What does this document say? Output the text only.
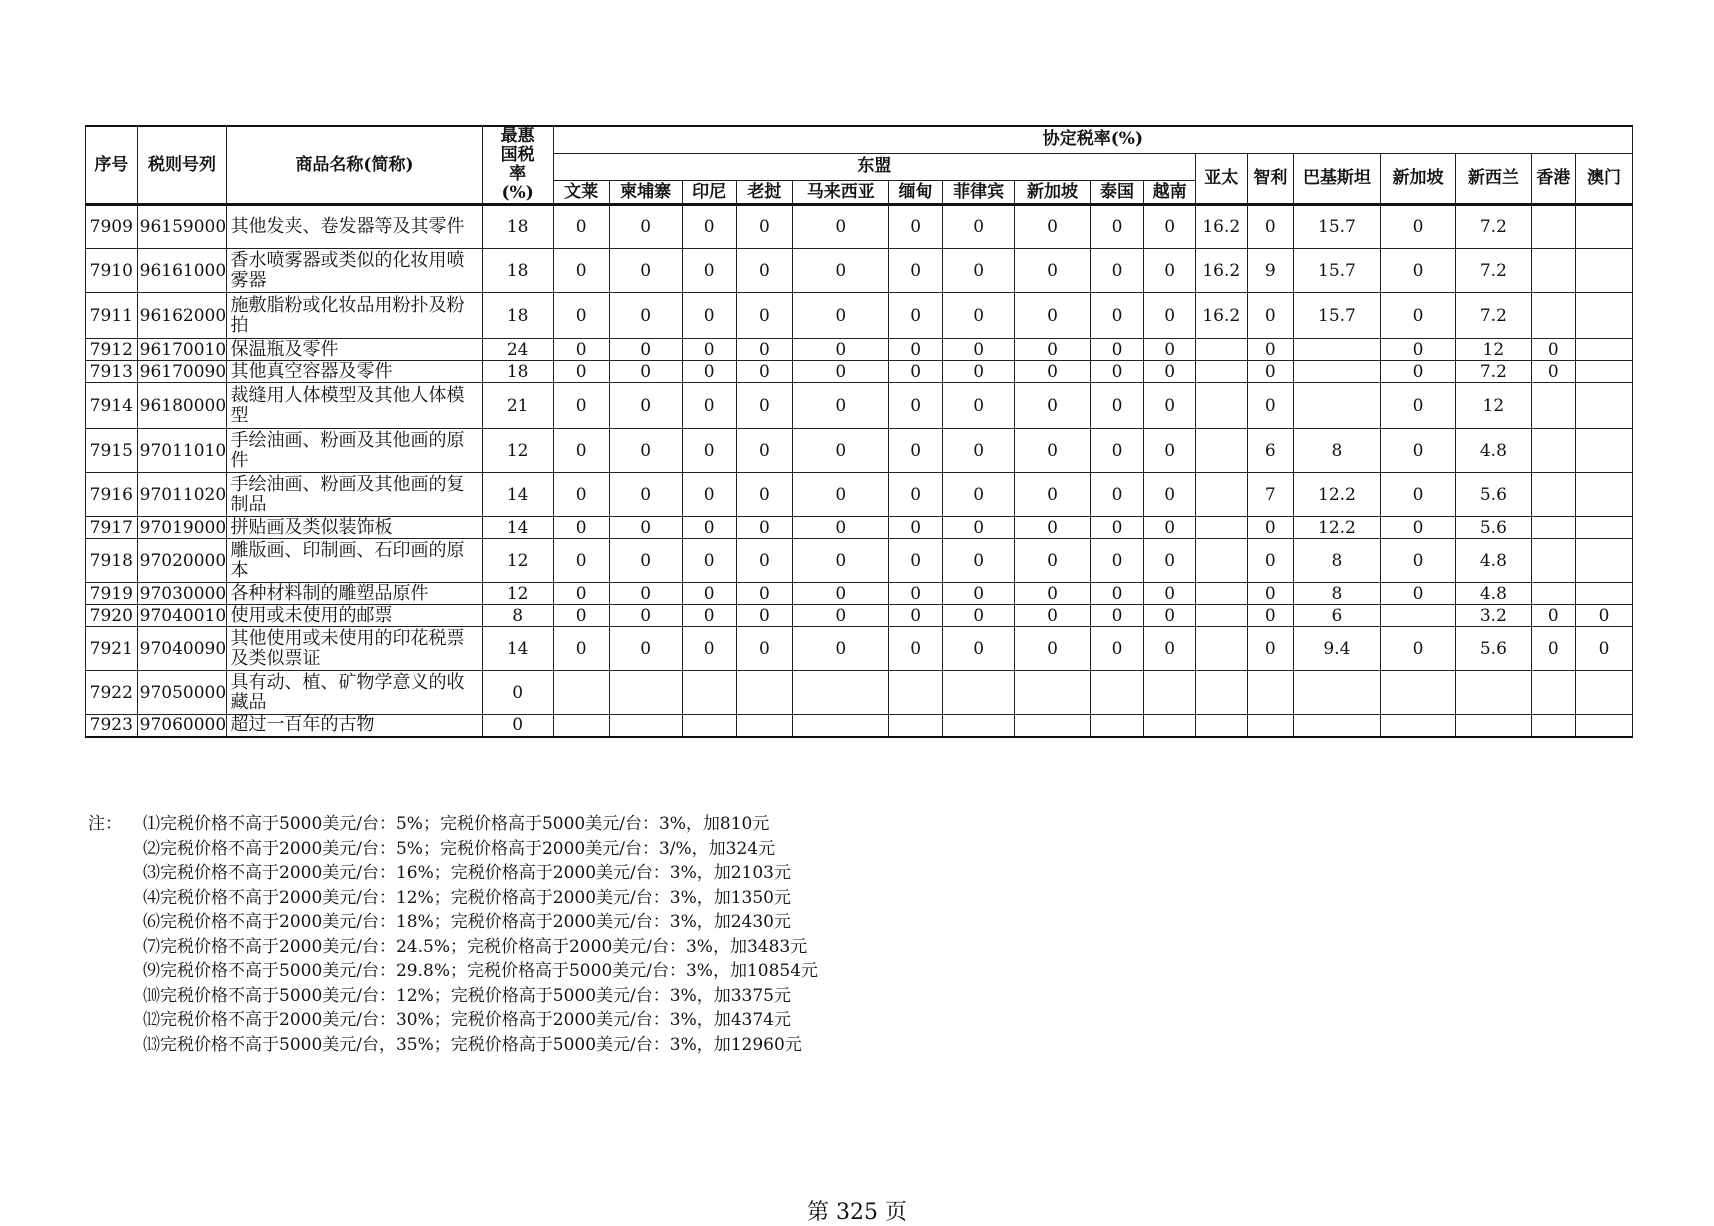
序号	税则号列	商品名称(简称)	最惠国税率
(%)	协定税率(%)																
				东盟										亚太	智利	巴基斯坦	新加坡	新西兰	香港	澳门
				文莱	柬埔寨	印尼	老挝	马来西亚	缅甸	菲律宾	新加坡	泰国	越南							
7909	96159000	其他发夹、卷发器等及其零件	18	0	0	0	0	0	0	0	0	0	0	16.2	0	15.7	0	7.2		
7910	96161000	香水喷雾器或类似的化妆用喷雾器	18	0	0	0	0	0	0	0	0	0	0	16.2	9	15.7	0	7.2		
7911	96162000	施敷脂粉或化妆品用粉扑及粉拍	18	0	0	0	0	0	0	0	0	0	0	16.2	0	15.7	0	7.2		
7912	96170010	保温瓶及零件	24	0	0	0	0	0	0	0	0	0	0		0		0	12	0	
7913	96170090	其他真空容器及零件	18	0	0	0	0	0	0	0	0	0	0		0		0	7.2	0	
7914	96180000	裁缝用人体模型及其他人体模型	21	0	0	0	0	0	0	0	0	0	0		0		0	12		
7915	97011010	手绘油画、粉画及其他画的原件	12	0	0	0	0	0	0	0	0	0	0		6	8	0	4.8		
7916	97011020	手绘油画、粉画及其他画的复制品	14	0	0	0	0	0	0	0	0	0	0		7	12.2	0	5.6		
7917	97019000	拼贴画及类似装饰板	14	0	0	0	0	0	0	0	0	0	0		0	12.2	0	5.6		
7918	97020000	雕版画、印制画、石印画的原本	12	0	0	0	0	0	0	0	0	0	0		0	8	0	4.8		
7919	97030000	各种材料制的雕塑品原件	12	0	0	0	0	0	0	0	0	0	0		0	8	0	4.8		
7920	97040010	使用或未使用的邮票	8	0	0	0	0	0	0	0	0	0	0		0	6		3.2	0	0
7921	97040090	其他使用或未使用的印花税票及类似票证	14	0	0	0	0	0	0	0	0	0	0		0	9.4	0	5.6	0	0
7922	97050000	具有动、植、矿物学意义的收藏品	0																	
7923	97060000	超过一百年的古物	0																	
注：	⑴完税价格不高于5000美元/台：5%；完税价格高于5000美元/台：3%，加810元
⑵完税价格不高于2000美元/台：5%；完税价格高于2000美元/台：3/%，加324元
⑶完税价格不高于2000美元/台：16%；完税价格高于2000美元/台：3%，加2103元
⑷完税价格不高于2000美元/台：12%；完税价格高于2000美元/台：3%，加1350元
⑹完税价格不高于2000美元/台：18%；完税价格高于2000美元/台：3%，加2430元
⑺完税价格不高于2000美元/台：24.5%；完税价格高于2000美元/台：3%，加3483元
⑼完税价格不高于5000美元/台：29.8%；完税价格高于5000美元/台：3%，加10854元
⑽完税价格不高于5000美元/台：12%；完税价格高于5000美元/台：3%，加3375元
⑿完税价格不高于2000美元/台：30%；完税价格高于2000美元/台：3%，加4374元
⒀完税价格不高于5000美元/台，35%；完税价格高于5000美元/台：3%，加12960元
第 325 页
